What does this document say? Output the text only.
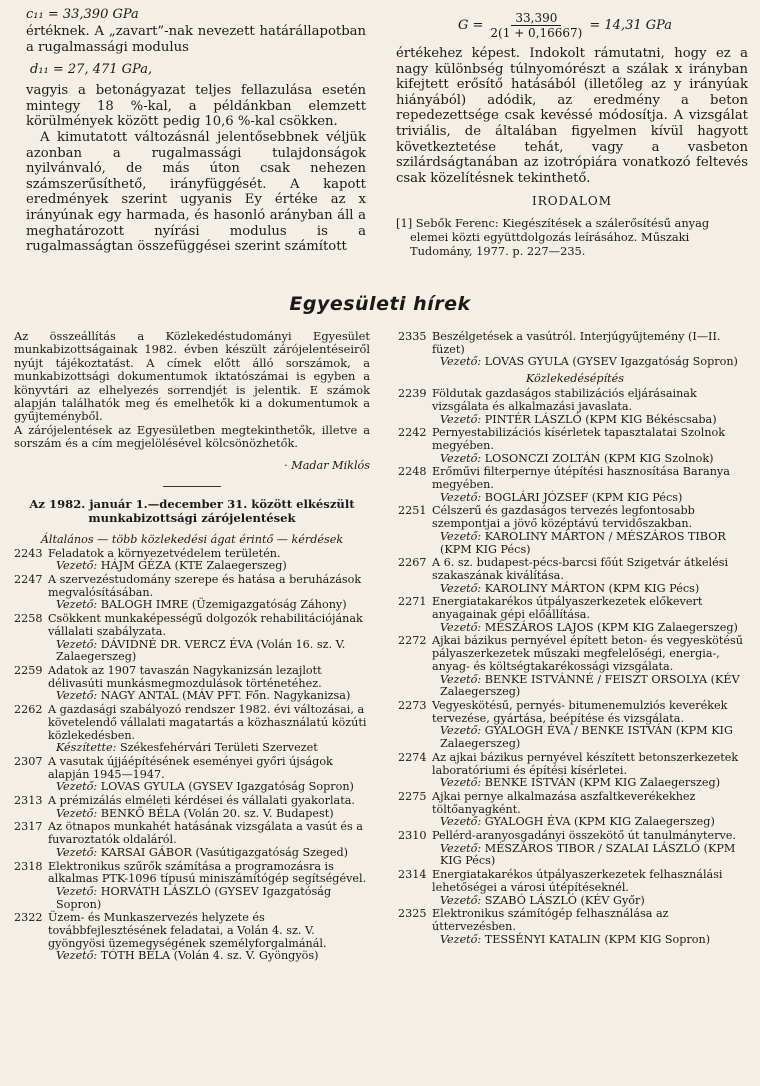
c₁₁ = 33,390 GPa

értéknek. A „zavart”-nak nevezett határállapotban a rugalmassági modulus

d₁₁ = 27, 471 GPa,

vagyis a betonágyazat teljes fellazulása esetén mintegy 18 %-kal, a példánkban elemzett körülmények között pedig 10,6 %-kal csökken.

A kimutatott változásnál jelentősebbnek véljük azonban a rugalmassági tulajdonságok nyilvánvaló, de más úton csak nehezen számszerűsíthető, irányfüggését. A kapott eredmények szerint ugyanis Ey értéke az x irányúnak egy harmada, és hasonló arányban áll a meghatározott nyírási modulus is a rugalmasságtan összefüggései szerint számított

$G = \frac{33,390}{2(1 + 0,16667)} = 14,31$ GPa

értékehez képest. Indokolt rámutatni, hogy ez a nagy különbség túlnyomórészt a szálak x irányban kifejtett erősítő hatásából (illetőleg az y irányúak hiányából) adódik, az eredmény a beton repedezettsége csak kevéssé módosítja. A vizsgálat triviális, de általában figyelmen kívül hagyott következtetése tehát, vagy a vasbeton szilárdságtanában az izotrópiára vonatkozó feltevés csak közelítésnek tekinthető.

IRODALOM

[1] Sebők Ferenc: Kiegészítések a szálerősítésű anyag elemei közti együttdolgozás leírásához. Műszaki Tudomány, 1977. p. 227—235.

Egyesületi hírek

Az összeállítás a Közlekedéstudományi Egyesület munkabizottságainak 1982. évben készült zárójelentéseiről nyújt tájékoztatást. A címek előtt álló sorszámok, a munkabizottsági dokumentumok iktatószámai is egyben a könyvtári az elhelyezés sorrendjét is jelentik. E számok alapján találhatók meg és emelhetők ki a dokumentumok a gyűjteményből.

A zárójelentések az Egyesületben megtekinthetők, illetve a sorszám és a cím megjelölésével kölcsönözhetők.

· Madar Miklós

Az 1982. január 1.—december 31. között elkészült
munkabizottsági zárójelentések

Általános — több közlekedési ágat érintő — kérdések

2243 Feladatok a környezetvédelem területén.
Vezető: HÁJM GÉZA (KTE Zalaegerszeg)
2247 A szervezéstudomány szerepe és hatása a beruházások megvalósításában.
Vezető: BALOGH IMRE (Üzemigazgatóság Záhony)
2258 Csökkent munkaképességű dolgozók rehabilitációjának vállalati szabályzata.
Vezető: DÁVIDNÉ DR. VERCZ ÉVA (Volán 16. sz. V. Zalaegerszeg)
2259 Adatok az 1907 tavaszán Nagykanizsán lezajlott délivasúti munkásmegmozdulások történetéhez.
Vezető: NAGY ANTAL (MÁV PFT. Főn. Nagykanizsa)
2262 A gazdasági szabályozó rendszer 1982. évi változásai, a követelendő vállalati magatartás a közhasználatú közúti közlekedésben.
Készítette: Székesfehérvári Területi Szervezet
2307 A vasutak újjáépítésének eseményei győri újságok alapján 1945—1947.
Vezető: LOVAS GYULA (GYSEV Igazgatóság Sopron)
2313 A prémizálás elméleti kérdései és vállalati gyakorlata.
Vezető: BENKŐ BÉLA (Volán 20. sz. V. Budapest)
2317 Az ötnapos munkahét hatásának vizsgálata a vasút és a fuvaroztatók oldaláról.
Vezető: KARSAI GÁBOR (Vasútigazgatóság Szeged)
2318 Elektronikus szűrők számítása a programozásra is alkalmas PTK-1096 típusú miniszámítógép segítségével.
Vezető: HORVÁTH LÁSZLÓ (GYSEV Igazgatóság Sopron)
2322 Üzem- és Munkaszervezés helyzete és továbbfejlesztésének feladatai, a Volán 4. sz. V. gyöngyösi üzemegységének személyforgalmánál.
Vezető: TÓTH BÉLA (Volán 4. sz. V. Gyöngyös)
2335 Beszélgetések a vasútról. Interjúgyűjtemény (I—II. füzet)
Vezető: LOVAS GYULA (GYSEV Igazgatóság Sopron)

Közlekedésépítés

2239 Földutak gazdaságos stabilizációs eljárásainak vizsgálata és alkalmazási javaslata.
Vezető: PINTÉR LÁSZLÓ (KPM KIG Békéscsaba)
2242 Pernyestabilizációs kísérletek tapasztalatai Szolnok megyében.
Vezető: LOSONCZI ZOLTÁN (KPM KIG Szolnok)
2248 Erőművi filterpernye útépítési hasznosítása Baranya megyében.
Vezető: BOGLÁRI JÓZSEF (KPM KIG Pécs)
2251 Célszerű és gazdaságos tervezés legfontosabb szempontjai a jövő középtávú tervidőszakban.
Vezető: KAROLINY MÁRTON / MÉSZÁROS TIBOR (KPM KIG Pécs)
2267 A 6. sz. budapest-pécs-barcsi főút Szigetvár átkelési szakaszának kiválítása.
Vezető: KAROLINY MÁRTON (KPM KIG Pécs)
2271 Energiatakarékos útpályaszerkezetek előkevert anyagainak gépi előállítása.
Vezető: MÉSZÁROS LAJOS (KPM KIG Zalaegerszeg)
2272 Ajkai bázikus pernyével épített beton- és vegyeskötésű pályaszerkezetek műszaki megfelelőségi, energia-, anyag- és költségtakarékossági vizsgálata.
Vezető: BENKE ISTVÁNNÉ / FEISZT ORSOLYA (KÉV Zalaegerszeg)
2273 Vegyeskötésű, pernyés- bitumenemulziós keverékek tervezése, gyártása, beépítése és vizsgálata.
Vezető: GYALOGH ÉVA / BENKE ISTVÁN (KPM KIG Zalaegerszeg)
2274 Az ajkai bázikus pernyével készített betonszerkezetek laboratóriumi és építési kísérletei.
Vezető: BENKE ISTVÁN (KPM KIG Zalaegerszeg)
2275 Ajkai pernye alkalmazása aszfaltkeverékekhez töltőanyagként.
Vezető: GYALOGH ÉVA (KPM KIG Zalaegerszeg)
2310 Pellérd-aranyosgadányi összekötő út tanulmánytervе.
Vezető: MÉSZÁROS TIBOR / SZALAI LÁSZLÓ (KPM KIG Pécs)
2314 Energiatakarékos útpályaszerkezetek felhasználási lehetőségei a városi útépítéseknél.
Vezető: SZABÓ LÁSZLÓ (KÉV Győr)
2325 Elektronikus számítógép felhasználása az úttervezésben.
Vezető: TESSÉNYI KATALIN (KPM KIG Sopron)
